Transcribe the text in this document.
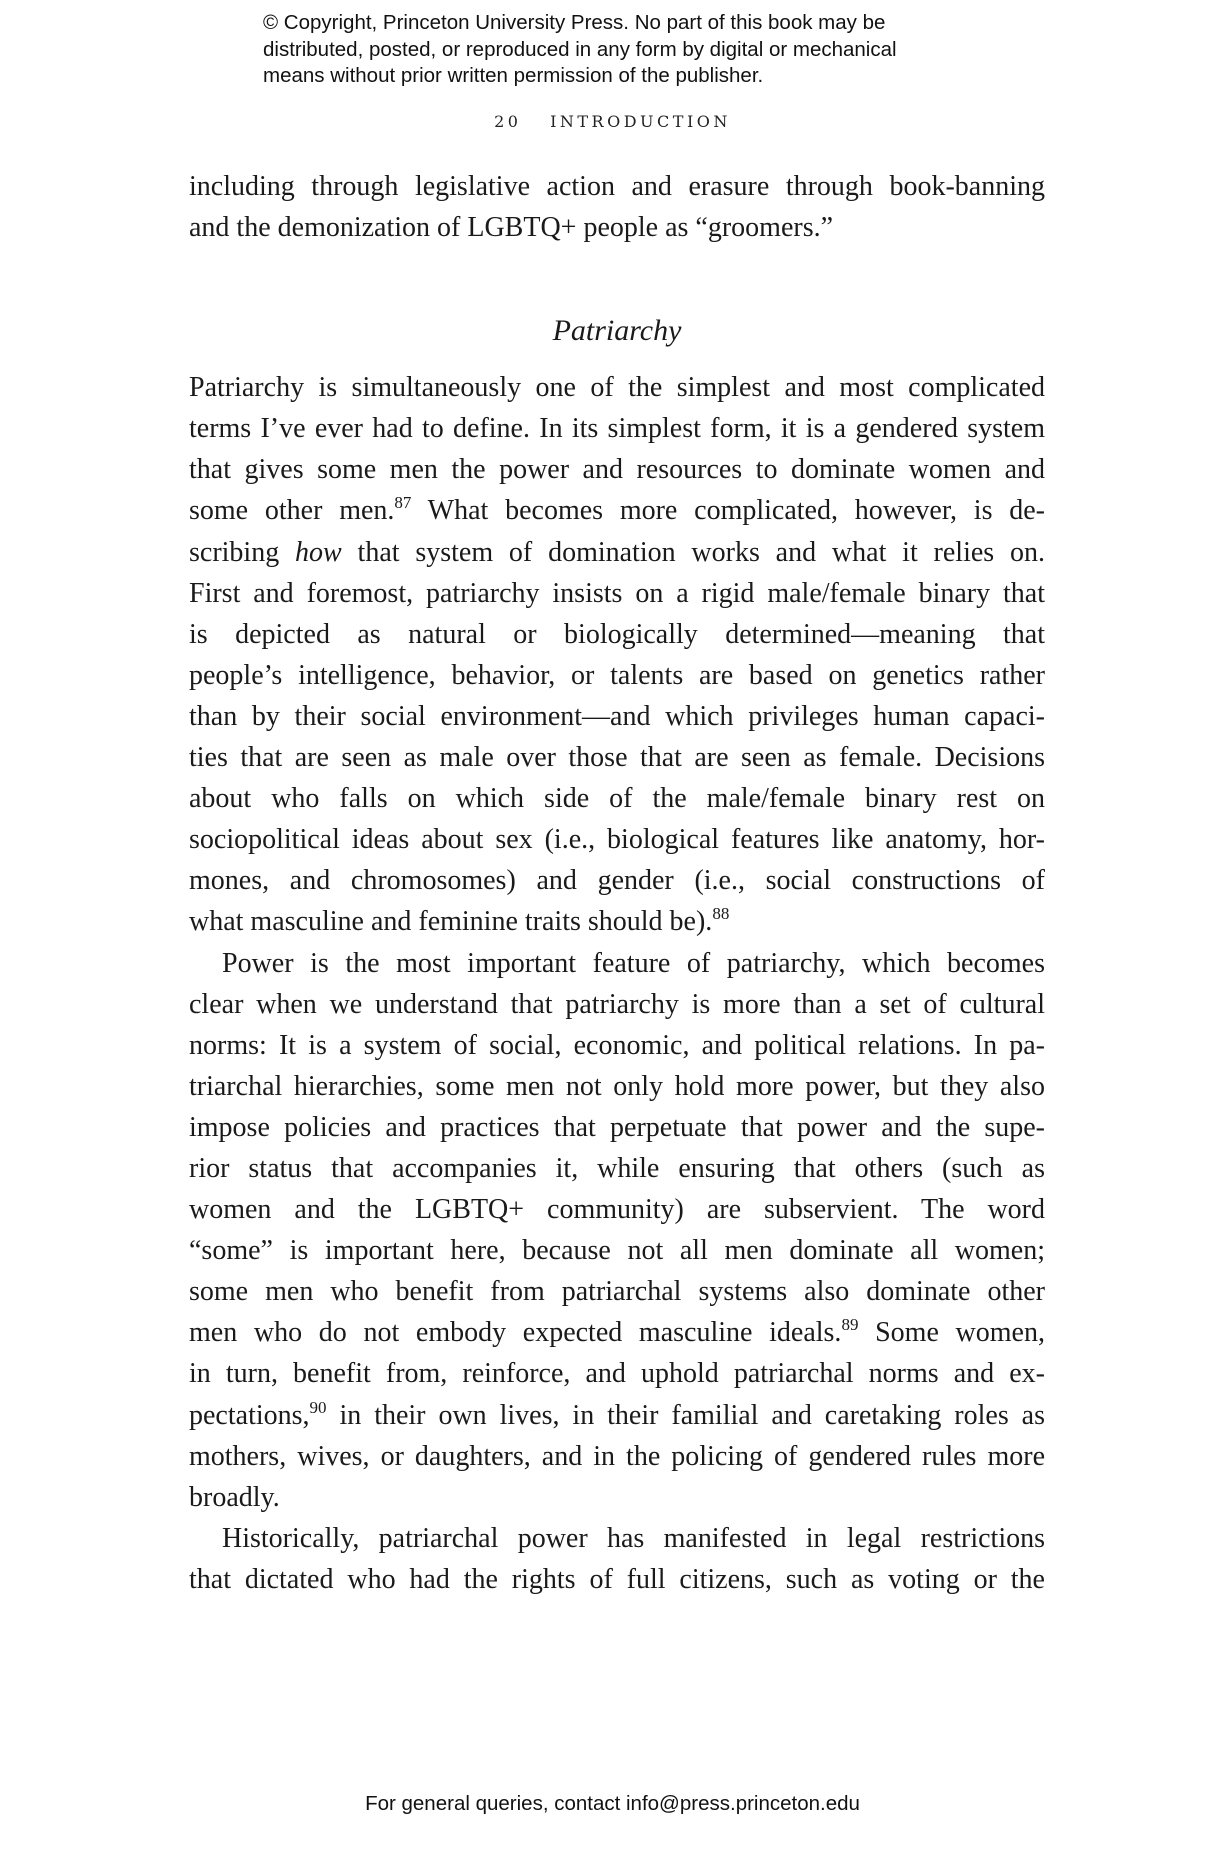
© Copyright, Princeton University Press. No part of this book may be
distributed, posted, or reproduced in any form by digital or mechanical
means without prior written permission of the publisher.
20 INTRODUCTION
including through legislative action and erasure through book-banning
and the demonization of LGBTQ+ people as “groomers.”
Patriarchy
Patriarchy is simultaneously one of the simplest and most complicated
terms I’ve ever had to define. In its simplest form, it is a gendered system
that gives some men the power and resources to dominate women and
some other men.$^{87}$ What becomes more complicated, however, is de-
scribing how that system of domination works and what it relies on.
First and foremost, patriarchy insists on a rigid male/female binary that
is depicted as natural or biologically determined—meaning that
people’s intelligence, behavior, or talents are based on genetics rather
than by their social environment—and which privileges human capaci-
ties that are seen as male over those that are seen as female. Decisions
about who falls on which side of the male/female binary rest on
sociopolitical ideas about sex (i.e., biological features like anatomy, hor-
mones, and chromosomes) and gender (i.e., social constructions of
what masculine and feminine traits should be).$^{88}$
Power is the most important feature of patriarchy, which becomes
clear when we understand that patriarchy is more than a set of cultural
norms: It is a system of social, economic, and political relations. In pa-
triarchal hierarchies, some men not only hold more power, but they also
impose policies and practices that perpetuate that power and the supe-
rior status that accompanies it, while ensuring that others (such as
women and the LGBTQ+ community) are subservient. The word
“some” is important here, because not all men dominate all women;
some men who benefit from patriarchal systems also dominate other
men who do not embody expected masculine ideals.$^{89}$ Some women,
in turn, benefit from, reinforce, and uphold patriarchal norms and ex-
pectations,$^{90}$ in their own lives, in their familial and caretaking roles as
mothers, wives, or daughters, and in the policing of gendered rules more
broadly.
Historically, patriarchal power has manifested in legal restrictions
that dictated who had the rights of full citizens, such as voting or the
For general queries, contact info@press.princeton.edu
